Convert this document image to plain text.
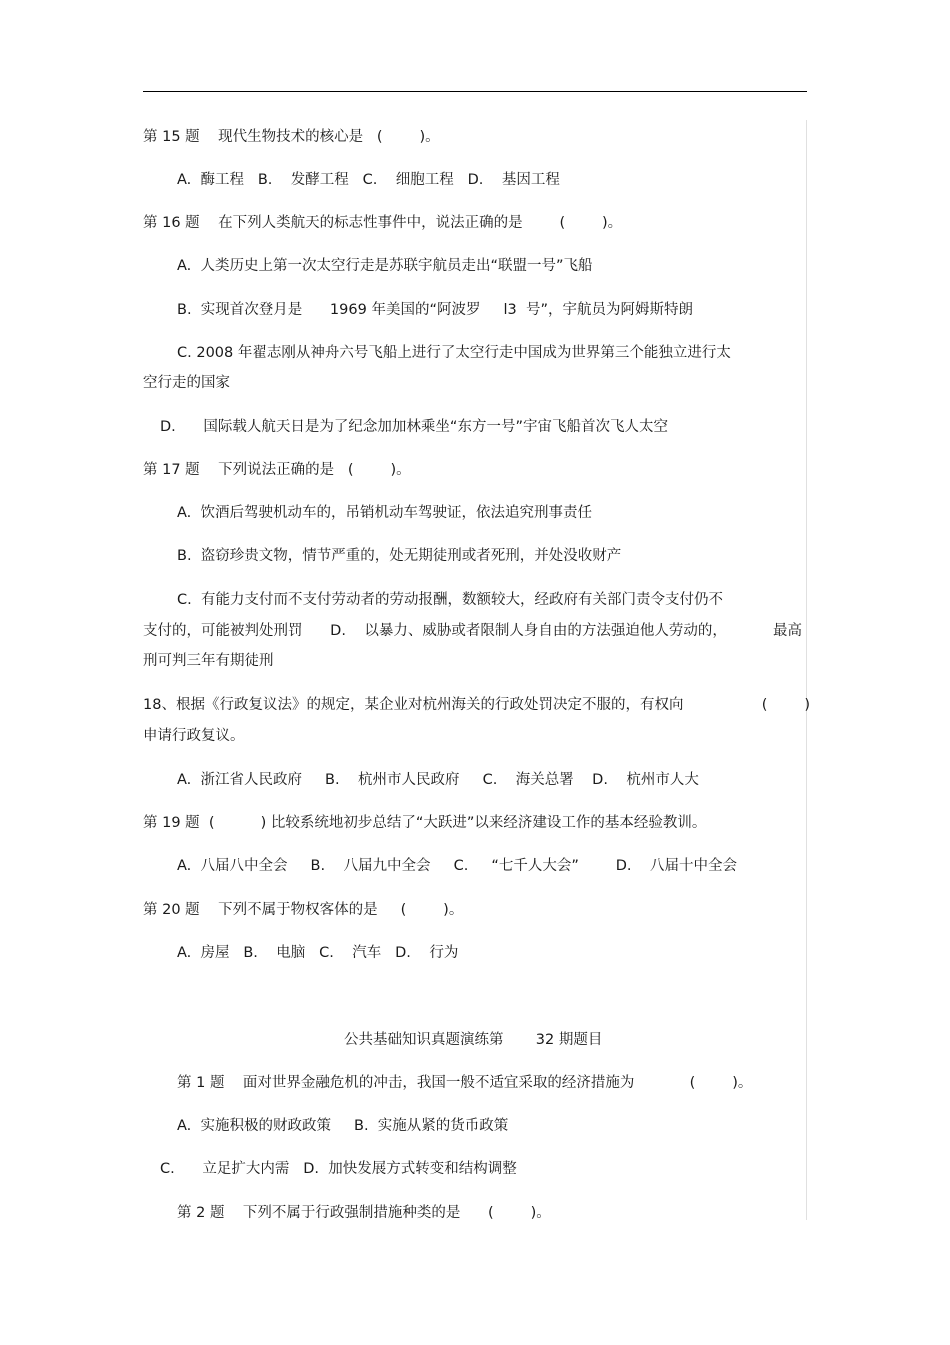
第 15 题    现代生物技术的核心是   (        )。
A.  酶工程   B.    发酵工程   C.    细胞工程   D.    基因工程
第 16 题    在下列人类航天的标志性事件中，说法正确的是        (        )。
A.  人类历史上第一次太空行走是苏联宇航员走出“联盟一号”飞船
B.  实现首次登月是      1969 年美国的“阿波罗     l3  号”，宇航员为阿姆斯特朗
C. 2008 年翟志刚从神舟六号飞船上进行了太空行走中国成为世界第三个能独立进行太
空行走的国家
D.      国际载人航天日是为了纪念加加林乘坐“东方一号”宇宙飞船首次飞人太空
第 17 题    下列说法正确的是   (        )。
A.  饮酒后驾驶机动车的，吊销机动车驾驶证，依法追究刑事责任
B.  盗窃珍贵文物，情节严重的，处无期徒刑或者死刑，并处没收财产
C.  有能力支付而不支付劳动者的劳动报酬，数额较大，经政府有关部门责令支付仍不
支付的，可能被判处刑罚      D.    以暴力、威胁或者限制人身自由的方法强迫他人劳动的，          最高
刑可判三年有期徒刑
18、根据《行政复议法》的规定，某企业对杭州海关的行政处罚决定不服的，有权向                 (        )
申请行政复议。
A.  浙江省人民政府     B.    杭州市人民政府     C.    海关总署    D.    杭州市人大
第 19 题  (          ) 比较系统地初步总结了“大跃进”以来经济建设工作的基本经验教训。
A.  八届八中全会     B.    八届九中全会     C.     “七千人大会”        D.    八届十中全会
第 20 题    下列不属于物权客体的是     (        )。
A.  房屋   B.    电脑   C.    汽车   D.    行为
公共基础知识真题演练第       32 期题目
第 1 题    面对世界金融危机的冲击，我国一般不适宜采取的经济措施为            (        )。
A.  实施积极的财政政策     B.  实施从紧的货币政策
C.      立足扩大内需   D.  加快发展方式转变和结构调整
第 2 题    下列不属于行政强制措施种类的是      (        )。
